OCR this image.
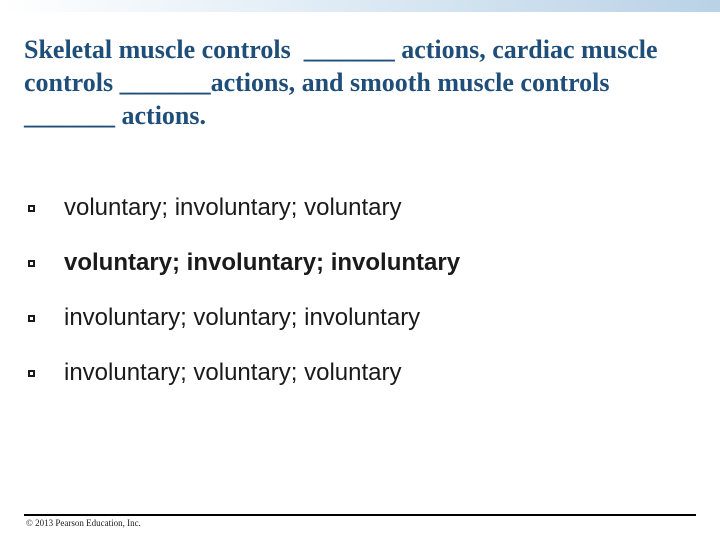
Skeletal muscle controls  _______ actions, cardiac muscle controls _______actions, and smooth muscle controls _______ actions.

voluntary; involuntary; voluntary
voluntary; involuntary; involuntary
involuntary; voluntary; involuntary
involuntary; voluntary; voluntary
© 2013 Pearson Education, Inc.
